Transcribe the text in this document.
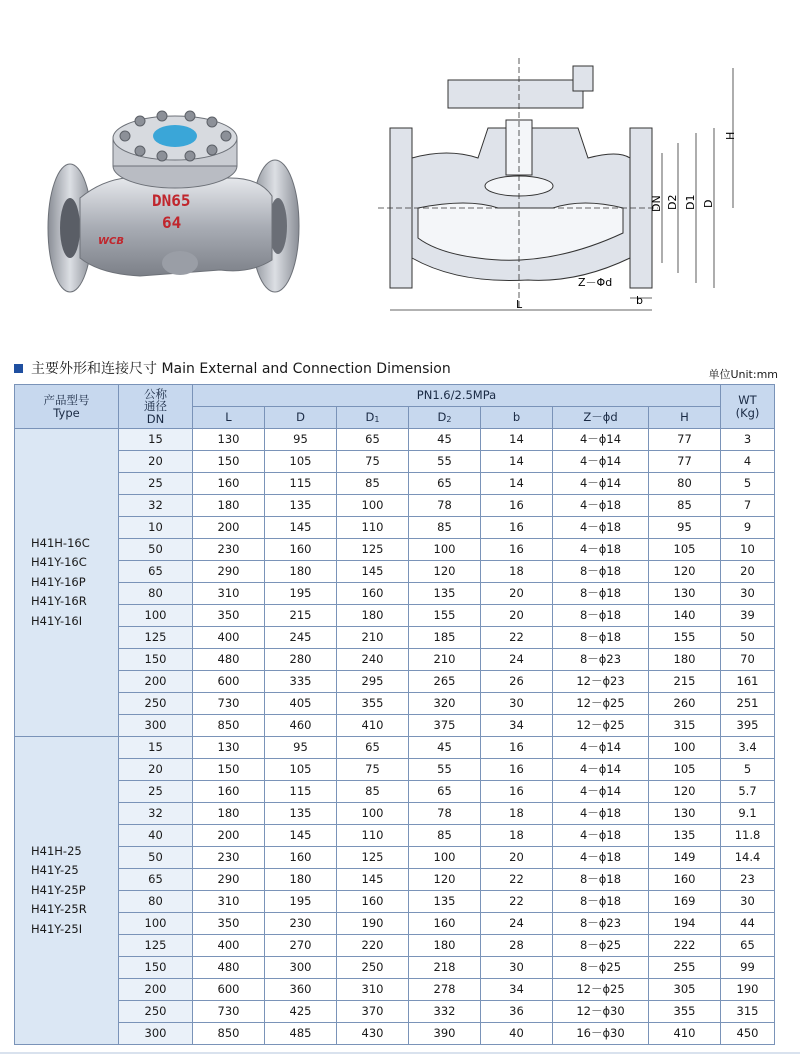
DN65
64
WCB
DN D2 D1 D
H
Z－Φd
b
L
主要外形和连接尺寸 Main External and Connection Dimension	单位Unit:mm
产品型号
Type	公称
通径
DN	PN1.6/2.5MPa							WT
(Kg)

		L	D	D1	D2	b	Z－ϕd	H	

H41H-16C
H41Y-16C
H41Y-16P
H41Y-16R
H41Y-16I	15	130	95	65	45	14	4－ϕ14	77	3
	20	150	105	75	55	14	4－ϕ14	77	4
	25	160	115	85	65	14	4－ϕ14	80	5
	32	180	135	100	78	16	4－ϕ18	85	7
	10	200	145	110	85	16	4－ϕ18	95	9
	50	230	160	125	100	16	4－ϕ18	105	10
	65	290	180	145	120	18	8－ϕ18	120	20
	80	310	195	160	135	20	8－ϕ18	130	30
	100	350	215	180	155	20	8－ϕ18	140	39
	125	400	245	210	185	22	8－ϕ18	155	50
	150	480	280	240	210	24	8－ϕ23	180	70
	200	600	335	295	265	26	12－ϕ23	215	161
	250	730	405	355	320	30	12－ϕ25	260	251
	300	850	460	410	375	34	12－ϕ25	315	395

H41H-25
H41Y-25
H41Y-25P
H41Y-25R
H41Y-25I	15	130	95	65	45	16	4－ϕ14	100	3.4
	20	150	105	75	55	16	4－ϕ14	105	5
	25	160	115	85	65	16	4－ϕ14	120	5.7
	32	180	135	100	78	18	4－ϕ18	130	9.1
	40	200	145	110	85	18	4－ϕ18	135	11.8
	50	230	160	125	100	20	4－ϕ18	149	14.4
	65	290	180	145	120	22	8－ϕ18	160	23
	80	310	195	160	135	22	8－ϕ18	169	30
	100	350	230	190	160	24	8－ϕ23	194	44
	125	400	270	220	180	28	8－ϕ25	222	65
	150	480	300	250	218	30	8－ϕ25	255	99
	200	600	360	310	278	34	12－ϕ25	305	190
	250	730	425	370	332	36	12－ϕ30	355	315
	300	850	485	430	390	40	16－ϕ30	410	450
